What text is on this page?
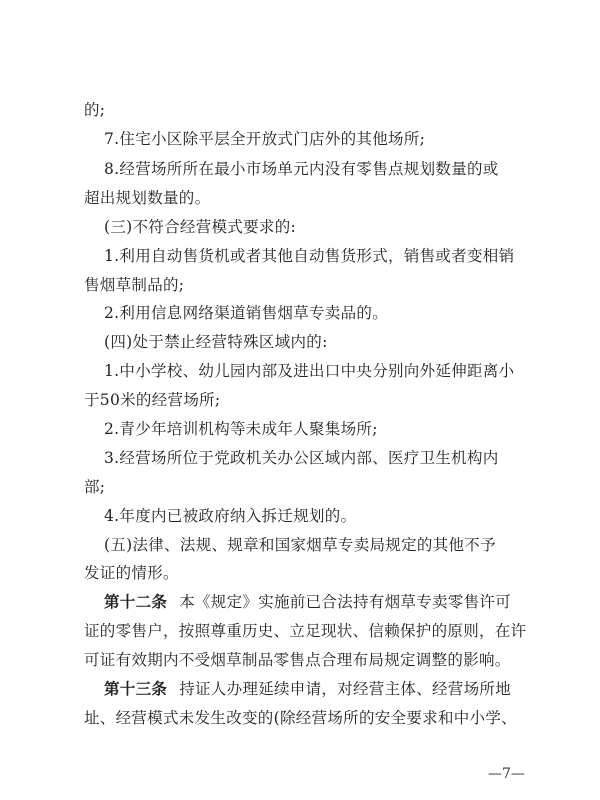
的;
7.住宅小区除平层全开放式门店外的其他场所;
8.经营场所所在最小市场单元内没有零售点规划数量的或
超出规划数量的。
(三)不符合经营模式要求的:
1.利用自动售货机或者其他自动售货形式，销售或者变相销
售烟草制品的;
2.利用信息网络渠道销售烟草专卖品的。
(四)处于禁止经营特殊区域内的:
1.中小学校、幼儿园内部及进出口中央分别向外延伸距离小
于50米的经营场所;
2.青少年培训机构等未成年人聚集场所;
3.经营场所位于党政机关办公区域内部、医疗卫生机构内
部;
4.年度内已被政府纳入拆迁规划的。
(五)法律、法规、规章和国家烟草专卖局规定的其他不予
发证的情形。
第十二条 本《规定》实施前已合法持有烟草专卖零售许可
证的零售户，按照尊重历史、立足现状、信赖保护的原则，在许
可证有效期内不受烟草制品零售点合理布局规定调整的影响。
第十三条 持证人办理延续申请，对经营主体、经营场所地
址、经营模式未发生改变的(除经营场所的安全要求和中小学、
—7—
